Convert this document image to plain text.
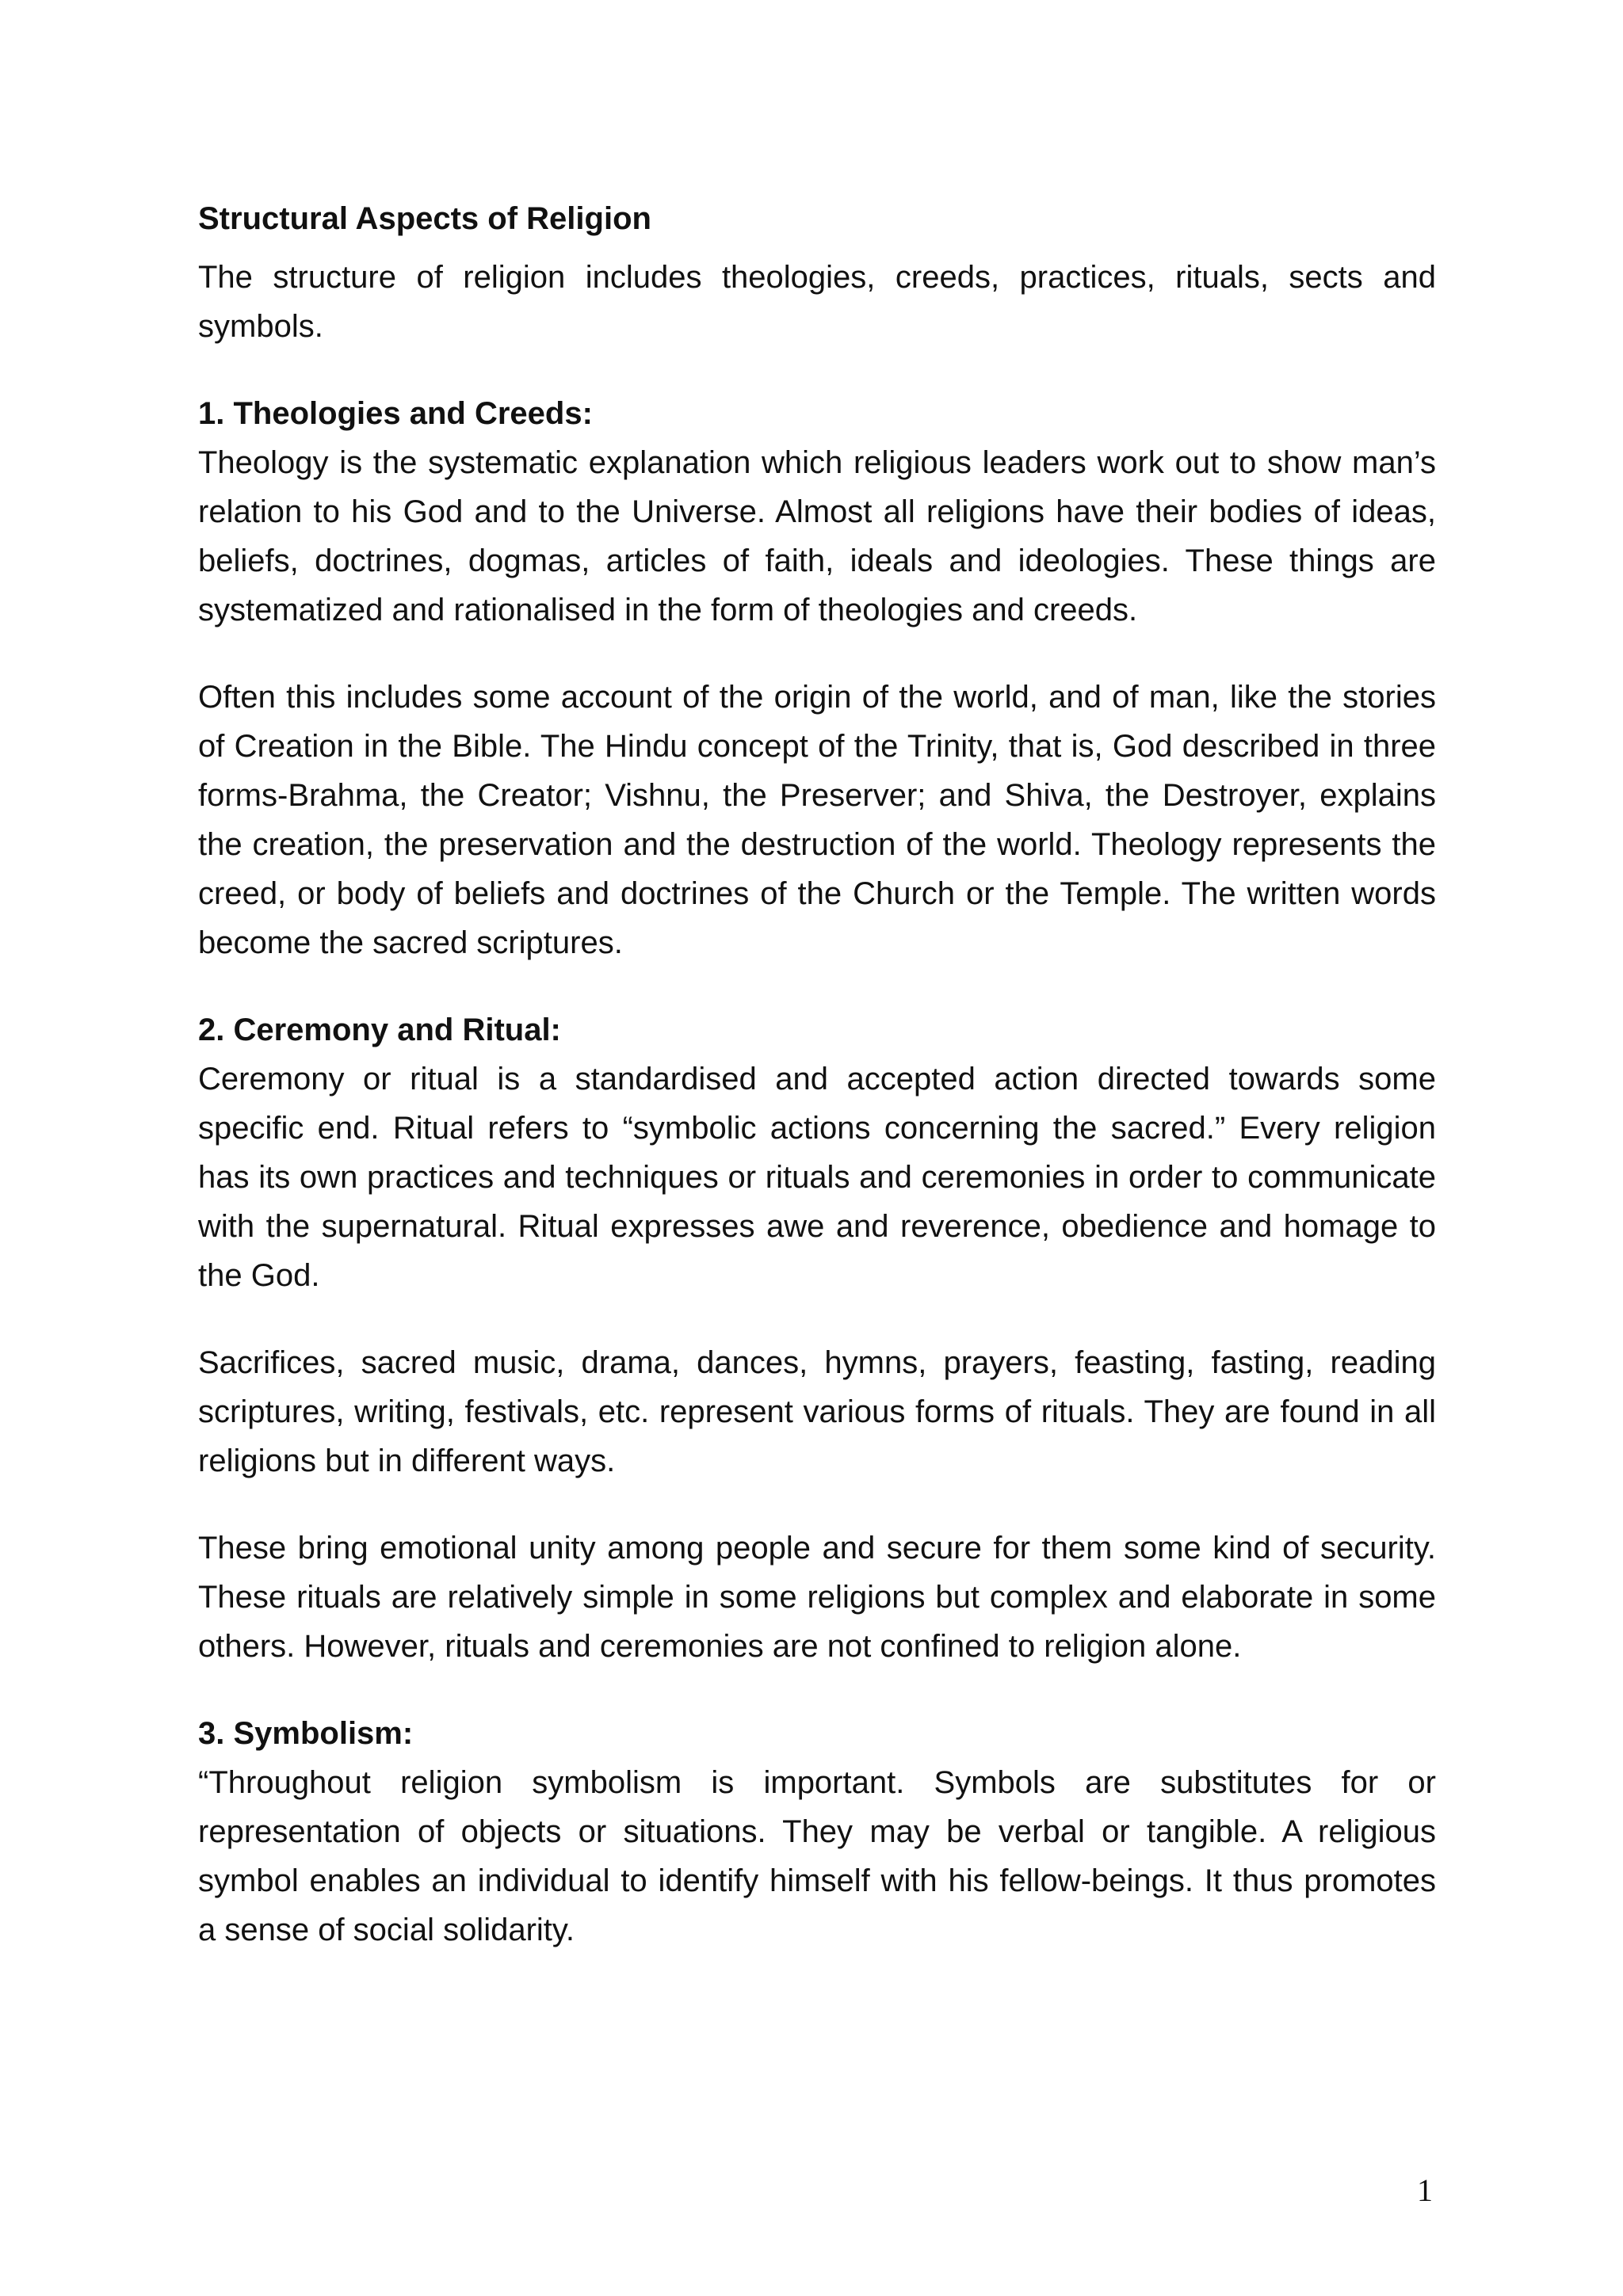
Structural Aspects of Religion

The structure of religion includes theologies, creeds, practices, rituals, sects and symbols.

1. Theologies and Creeds:

Theology is the systematic explanation which religious leaders work out to show man’s relation to his God and to the Universe. Almost all religions have their bodies of ideas, beliefs, doctrines, dogmas, articles of faith, ideals and ideologies. These things are systematized and rationalised in the form of theologies and creeds.

Often this includes some account of the origin of the world, and of man, like the stories of Creation in the Bible. The Hindu concept of the Trinity, that is, God described in three forms-Brahma, the Creator; Vishnu, the Preserver; and Shiva, the Destroyer, explains the creation, the preservation and the destruction of the world. Theology represents the creed, or body of beliefs and doctrines of the Church or the Temple. The written words become the sacred scriptures.

2. Ceremony and Ritual:

Ceremony or ritual is a standardised and accepted action directed towards some specific end. Ritual refers to “symbolic actions concerning the sacred.” Every religion has its own practices and techniques or rituals and ceremonies in order to communicate with the supernatural. Ritual expresses awe and reverence, obedience and homage to the God.

Sacrifices, sacred music, drama, dances, hymns, prayers, feasting, fasting, reading scriptures, writing, festivals, etc. represent various forms of rituals. They are found in all religions but in different ways.

These bring emotional unity among people and secure for them some kind of security. These rituals are relatively simple in some religions but complex and elaborate in some others. However, rituals and ceremonies are not confined to religion alone.

3. Symbolism:

“Throughout religion symbolism is important. Symbols are substitutes for or representation of objects or situations. They may be verbal or tangible. A religious symbol enables an individual to identify himself with his fellow-beings. It thus promotes a sense of social solidarity.

1
